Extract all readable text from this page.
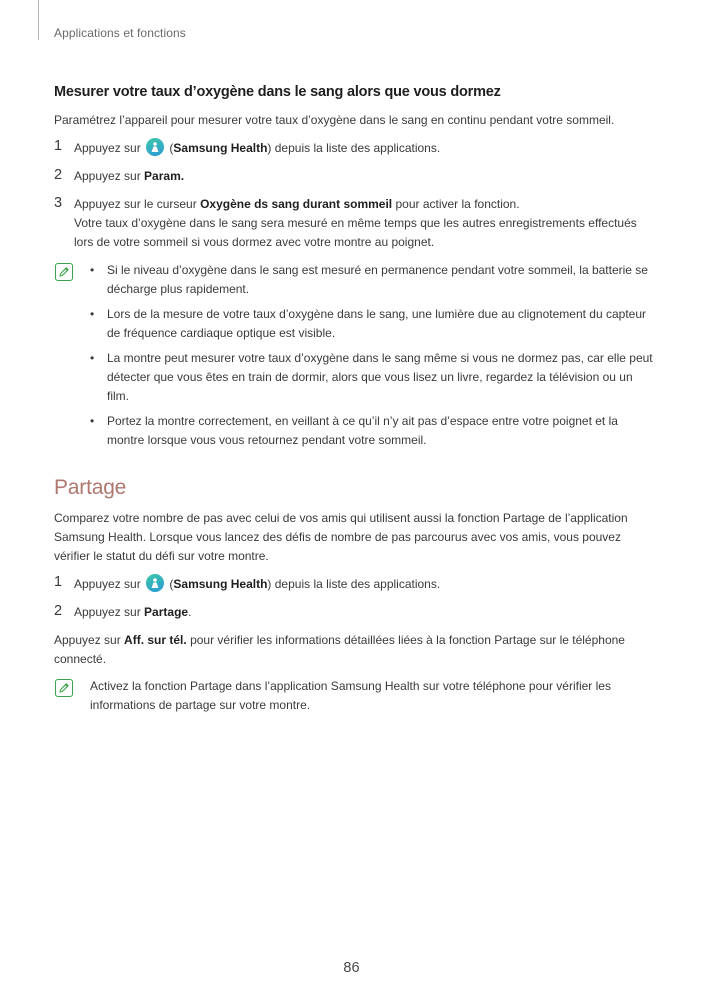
Applications et fonctions
Mesurer votre taux d’oxygène dans le sang alors que vous dormez

Paramétrez l’appareil pour mesurer votre taux d’oxygène dans le sang en continu pendant votre sommeil.

1 Appuyez sur
(Samsung Health) depuis la liste des applications.
2 Appuyez sur Param.
3 Appuyez sur le curseur Oxygène ds sang durant sommeil pour activer la fonction.
Votre taux d’oxygène dans le sang sera mesuré en même temps que les autres enregistrements effectués lors de votre sommeil si vous dormez avec votre montre au poignet.
• Si le niveau d’oxygène dans le sang est mesuré en permanence pendant votre sommeil, la batterie se décharge plus rapidement.
• Lors de la mesure de votre taux d’oxygène dans le sang, une lumière due au clignotement du capteur de fréquence cardiaque optique est visible.
• La montre peut mesurer votre taux d’oxygène dans le sang même si vous ne dormez pas, car elle peut détecter que vous êtes en train de dormir, alors que vous lisez un livre, regardez la télévision ou un film.
• Portez la montre correctement, en veillant à ce qu’il n’y ait pas d’espace entre votre poignet et la montre lorsque vous vous retournez pendant votre sommeil.
Partage

Comparez votre nombre de pas avec celui de vos amis qui utilisent aussi la fonction Partage de l’application Samsung Health. Lorsque vous lancez des défis de nombre de pas parcourus avec vos amis, vous pouvez vérifier le statut du défi sur votre montre.

1 Appuyez sur
(Samsung Health) depuis la liste des applications.
2 Appuyez sur Partage.

Appuyez sur Aff. sur tél. pour vérifier les informations détaillées liées à la fonction Partage sur le téléphone connecté.

Activez la fonction Partage dans l’application Samsung Health sur votre téléphone pour vérifier les informations de partage sur votre montre.

86
